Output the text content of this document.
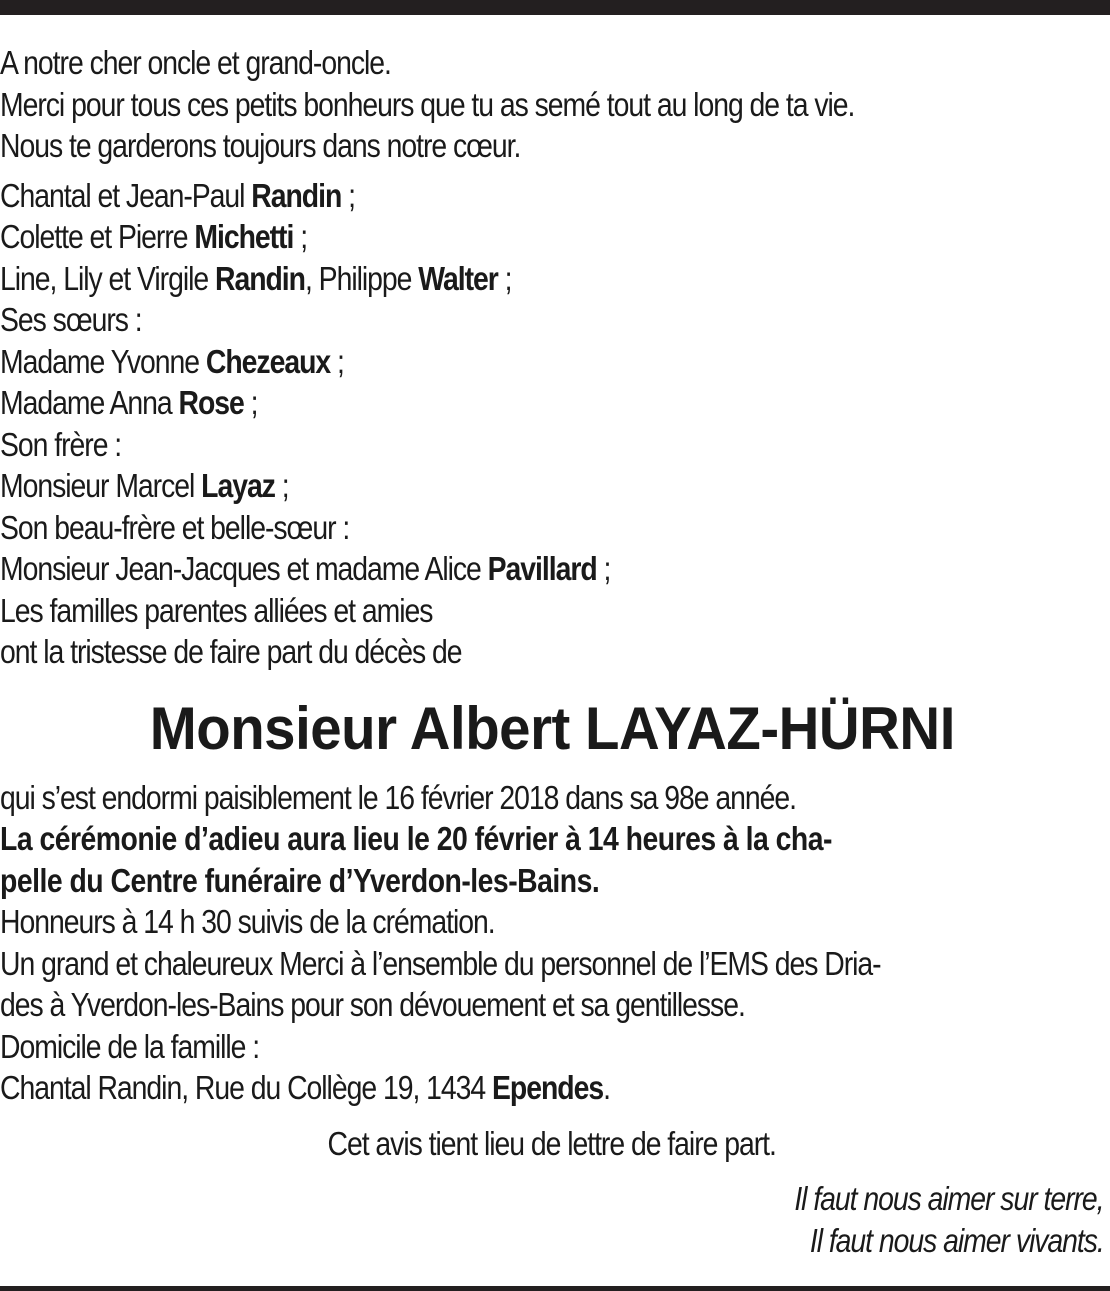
A notre cher oncle et grand-oncle.

Merci pour tous ces petits bonheurs que tu as semé tout au long de ta vie.

Nous te garderons toujours dans notre cœur.

Chantal et Jean-Paul Randin ;

Colette et Pierre Michetti ;

Line, Lily et Virgile Randin, Philippe Walter ;

Ses sœurs :

Madame Yvonne Chezeaux ;

Madame Anna Rose ;

Son frère :

Monsieur Marcel Layaz ;

Son beau-frère et belle-sœur :

Monsieur Jean-Jacques et madame Alice Pavillard ;

Les familles parentes alliées et amies

ont la tristesse de faire part du décès de

Monsieur Albert LAYAZ-HÜRNI

qui s’est endormi paisiblement le 16 février 2018 dans sa 98e année.

La cérémonie d’adieu aura lieu le 20 février à 14 heures à la cha-

pelle du Centre funéraire d’Yverdon-les-Bains.

Honneurs à 14 h 30 suivis de la crémation.

Un grand et chaleureux Merci à l’ensemble du personnel de l’EMS des Dria-

des à Yverdon-les-Bains pour son dévouement et sa gentillesse.

Domicile de la famille :

Chantal Randin, Rue du Collège 19, 1434 Ependes.

Cet avis tient lieu de lettre de faire part.

Il faut nous aimer sur terre,

Il faut nous aimer vivants.
